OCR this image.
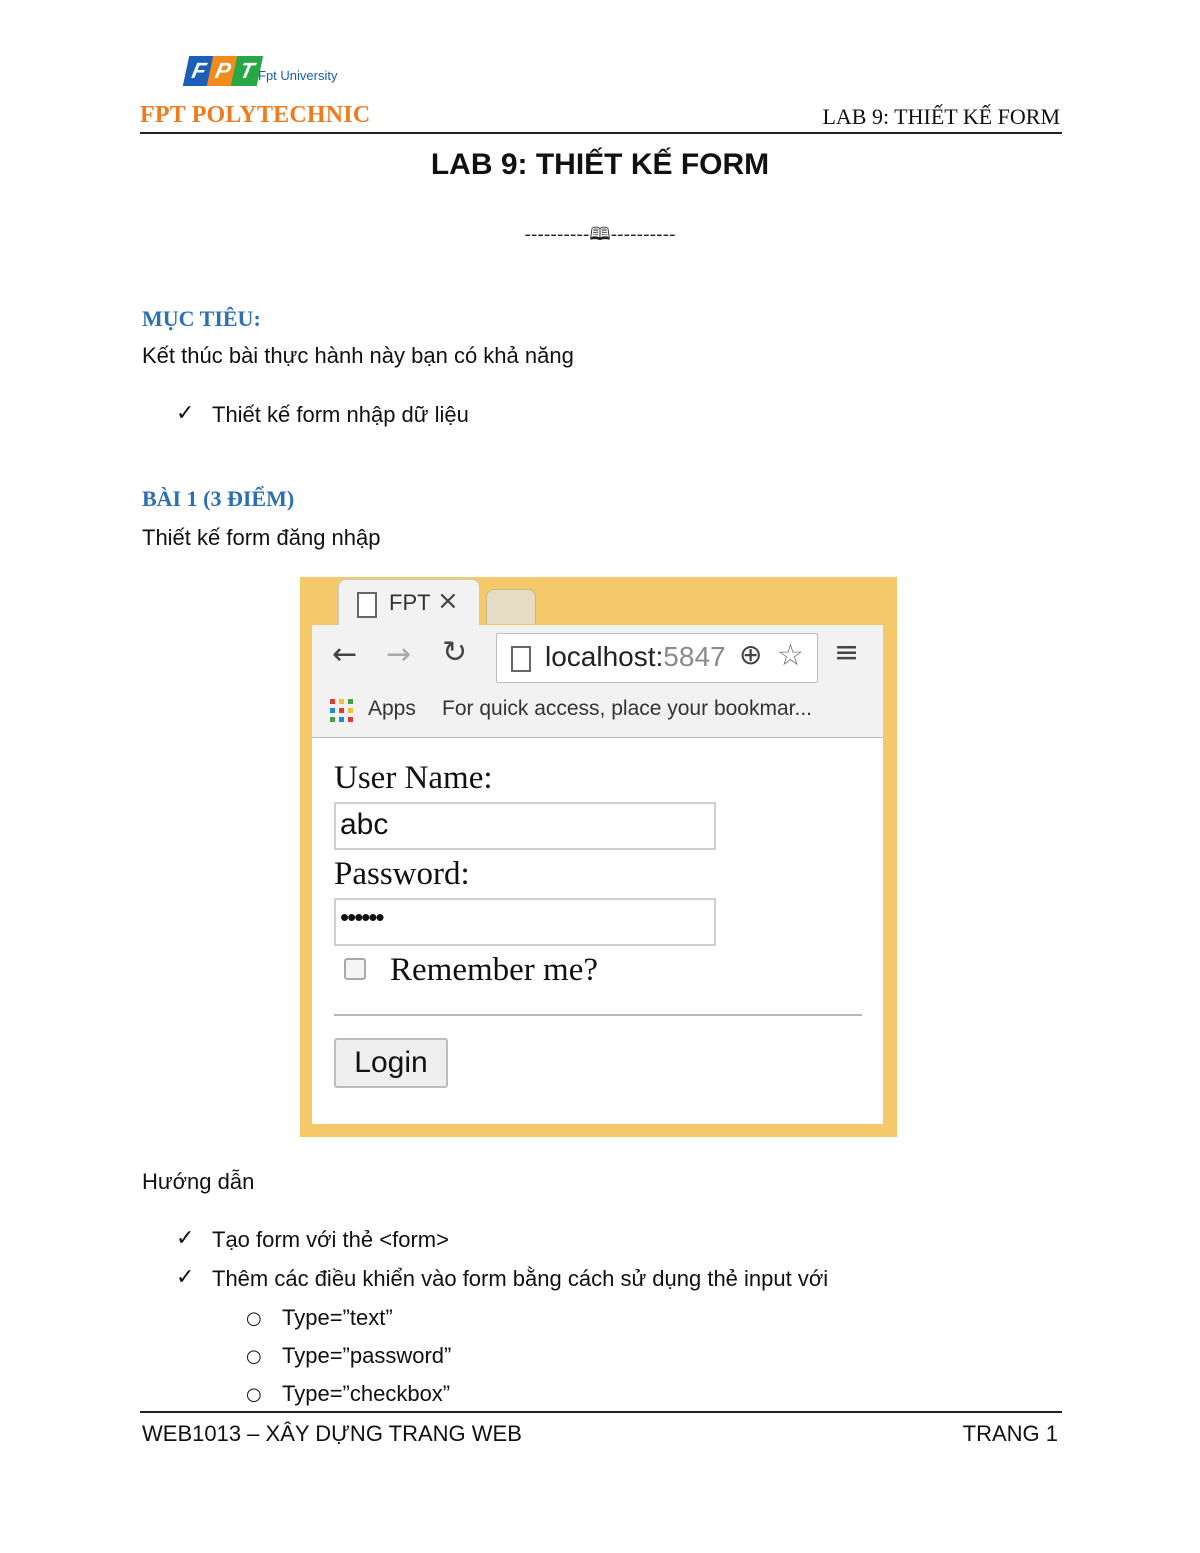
F P T Fpt University
FPT POLYTECHNIC	LAB 9: THIẾT KẾ FORM
LAB 9: THIẾT KẾ FORM
----------🕮----------
MỤC TIÊU:
Kết thúc bài thực hành này bạn có khả năng
✓ Thiết kế form nhập dữ liệu
BÀI 1 (3 ĐIỂM)
Thiết kế form đăng nhập
FPT ×
← → ↻	localhost:5847 ⊕ ☆ ≡
Apps For quick access, place your bookmar...
User Name:
abc
Password:
••••••
Remember me?
Login
Hướng dẫn
✓ Tạo form với thẻ <form>
✓ Thêm các điều khiển vào form bằng cách sử dụng thẻ input với
○ Type=”text”
○ Type=”password”
○ Type=”checkbox”
WEB1013 – XÂY DỰNG TRANG WEB	TRANG 1
